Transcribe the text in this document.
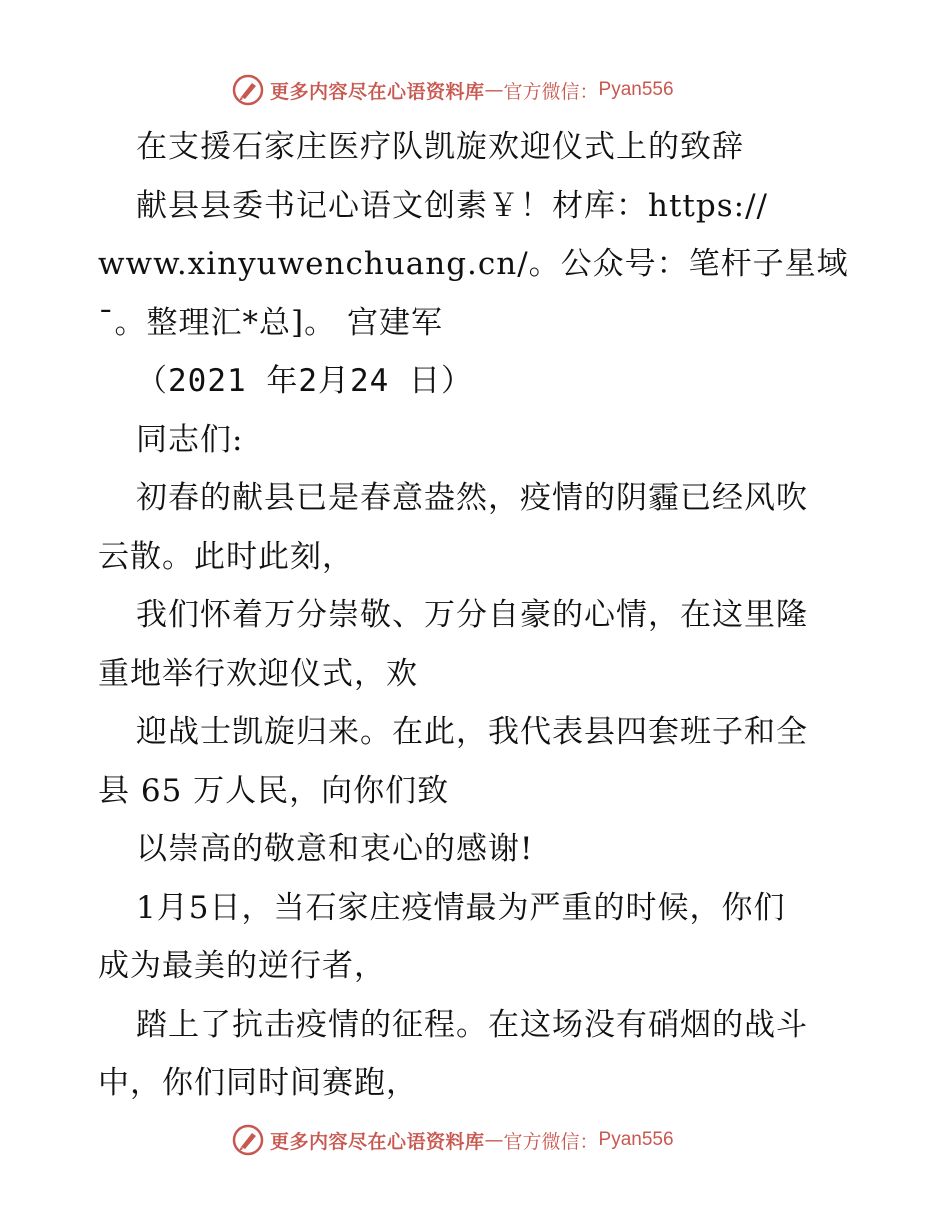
更多内容尽在心语资料库 — 官方微信： Pyan556
在支援石家庄医疗队凯旋欢迎仪式上的致辞
献县县委书记心语文创素￥！材库：https://
www.xinyuwenchuang.cn/。公众号：笔杆子星域
¯。整理汇*总]。 宫建军
（2021 年2月24 日）
同志们:
初春的献县已是春意盎然，疫情的阴霾已经风吹
云散。此时此刻，
我们怀着万分崇敬、万分自豪的心情，在这里隆
重地举行欢迎仪式，欢
迎战士凯旋归来。在此，我代表县四套班子和全
县 65 万人民，向你们致
以崇高的敬意和衷心的感谢!
1月5日，当石家庄疫情最为严重的时候，你们
成为最美的逆行者，
踏上了抗击疫情的征程。在这场没有硝烟的战斗
中，你们同时间赛跑，
更多内容尽在心语资料库 — 官方微信： Pyan556
